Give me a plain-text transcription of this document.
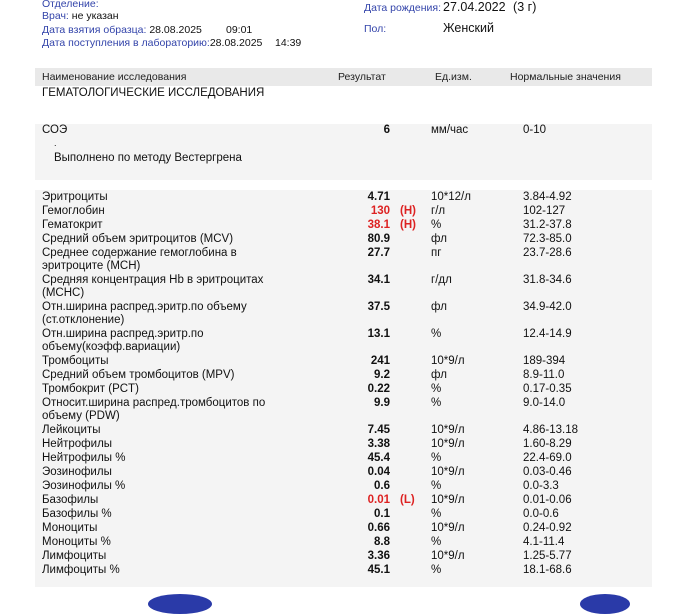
Отделение:
Врач: не указан
Дата взятия образца: 28.08.2025 09:01
Дата поступления в лабораторию:28.08.2025 14:39
Дата рождения: 27.04.2022 (3 г)
Пол:	Женский
Наименование исследования	Результат	Ед.изм.	Нормальные значения
ГЕМАТОЛОГИЧЕСКИЕ ИССЛЕДОВАНИЯ
СОЭ	6	мм/час	0-10
.
Выполнено по методу Вестергрена
Эритроциты	4.71	10*12/л	3.84-4.92
Гемоглобин	130 (H) г/л	102-127
Гематокрит	38.1 (H) %	31.2-37.8
Средний объем эритроцитов (MCV)	80.9	фл	72.3-85.0
Среднее содержание гемоглобина в
эритроците (MCH)
27.7	пг	23.7-28.6
Средняя концентрация Hb в эритроцитах
(MCHC)
34.1	г/дл	31.8-34.6
Отн.ширина распред.эритр.по объему
(ст.отклонение)
37.5	фл	34.9-42.0
Отн.ширина распред.эритр.по
объему(коэфф.вариации)
13.1	%	12.4-14.9
Тромбоциты	241	10*9/л	189-394
Средний объем тромбоцитов (MPV)	9.2	фл	8.9-11.0
Тромбокрит (PCT)	0.22	%	0.17-0.35
Относит.ширина распред.тромбоцитов по
объему (PDW)
9.9	%	9.0-14.0
Лейкоциты	7.45	10*9/л	4.86-13.18
Нейтрофилы	3.38	10*9/л	1.60-8.29
Нейтрофилы %	45.4	%	22.4-69.0
Эозинофилы	0.04	10*9/л	0.03-0.46
Эозинофилы %	0.6	%	0.0-3.3
Базофилы	0.01 (L) 10*9/л	0.01-0.06
Базофилы %	0.1	%	0.0-0.6
Моноциты	0.66	10*9/л	0.24-0.92
Моноциты %	8.8	%	4.1-11.4
Лимфоциты	3.36	10*9/л	1.25-5.77
Лимфоциты %	45.1	%	18.1-68.6
